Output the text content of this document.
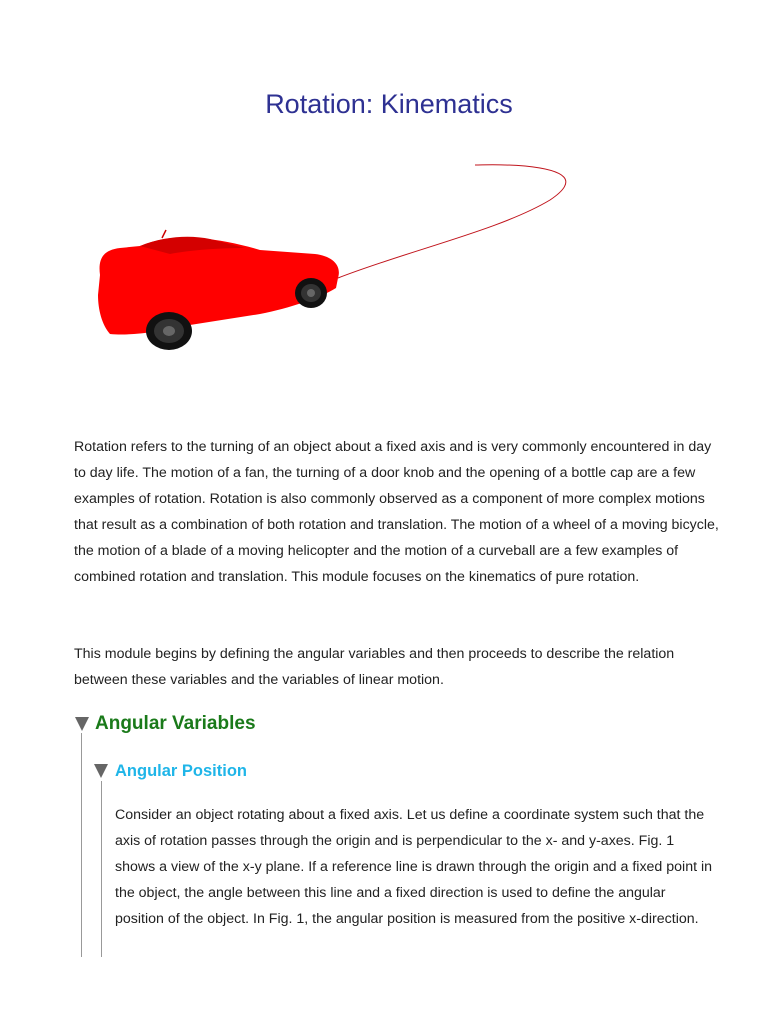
Rotation: Kinematics

Rotation refers to the turning of an object about a fixed axis and is very commonly encountered in day to day life. The motion of a fan, the turning of a door knob and the opening of a bottle cap are a few examples of rotation. Rotation is also commonly observed as a component of more complex motions that result as a combination of both rotation and translation. The motion of a wheel of a moving bicycle, the motion of a blade of a moving helicopter and the motion of a curveball are a few examples of combined rotation and translation. This module focuses on the kinematics of pure rotation.

This module begins by defining the angular variables and then proceeds to describe the relation between these variables and the variables of linear motion.

Angular Variables
Angular Position

Consider an object rotating about a fixed axis. Let us define a coordinate system such that the axis of rotation passes through the origin and is perpendicular to the x- and y-axes. Fig. 1 shows a view of the x-y plane. If a reference line is drawn through the origin and a fixed point in the object, the angle between this line and a fixed direction is used to define the angular position of the object. In Fig. 1, the angular position is measured from the positive x-direction.
